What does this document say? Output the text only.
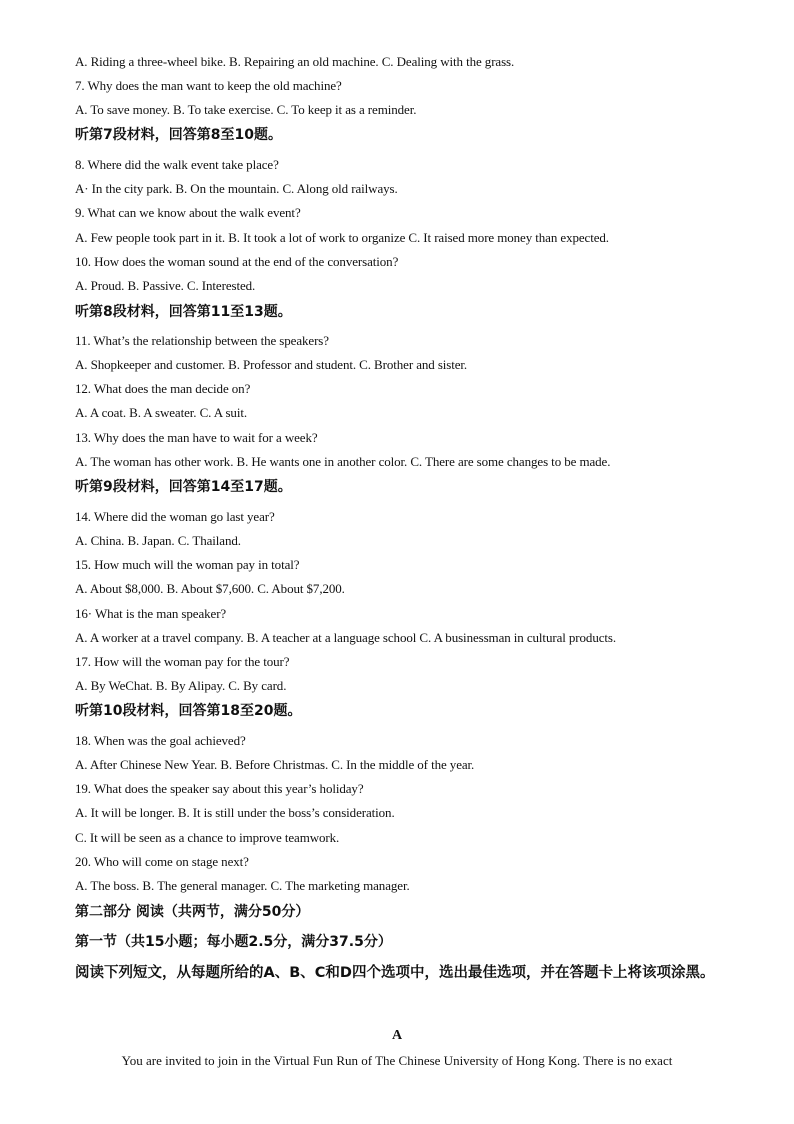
A. Riding a three-wheel bike. B. Repairing an old machine. C. Dealing with the grass.
7. Why does the man want to keep the old machine?
A. To save money. B. To take exercise. C. To keep it as a reminder.
听第7段材料，回答第8至10题。
8. Where did the walk event take place?
A· In the city park. B. On the mountain. C. Along old railways.
9. What can we know about the walk event?
A. Few people took part in it. B. It took a lot of work to organize C. It raised more money than expected.
10. How does the woman sound at the end of the conversation?
A. Proud. B. Passive. C. Interested.
听第8段材料，回答第11至13题。
11. What’s the relationship between the speakers?
A. Shopkeeper and customer. B. Professor and student. C. Brother and sister.
12. What does the man decide on?
A. A coat. B. A sweater. C. A suit.
13. Why does the man have to wait for a week?
A. The woman has other work. B. He wants one in another color. C. There are some changes to be made.
听第9段材料，回答第14至17题。
14. Where did the woman go last year?
A. China. B. Japan. C. Thailand.
15. How much will the woman pay in total?
A. About $8,000. B. About $7,600. C. About $7,200.
16· What is the man speaker?
A. A worker at a travel company. B. A teacher at a language school C. A businessman in cultural products.
17. How will the woman pay for the tour?
A. By WeChat. B. By Alipay. C. By card.
听第10段材料，回答第18至20题。
18. When was the goal achieved?
A. After Chinese New Year. B. Before Christmas. C. In the middle of the year.
19. What does the speaker say about this year’s holiday?
A. It will be longer. B. It is still under the boss’s consideration.
C. It will be seen as a chance to improve teamwork.
20. Who will come on stage next?
A. The boss. B. The general manager. C. The marketing manager.
第二部分 阅读（共两节，满分50分）
第一节（共15小题；每小题2.5分，满分37.5分）
阅读下列短文，从每题所给的A、B、C和D四个选项中，选出最佳选项，并在答题卡上将该项涂黑。
A
You are invited to join in the Virtual Fun Run of The Chinese University of Hong Kong. There is no exact
